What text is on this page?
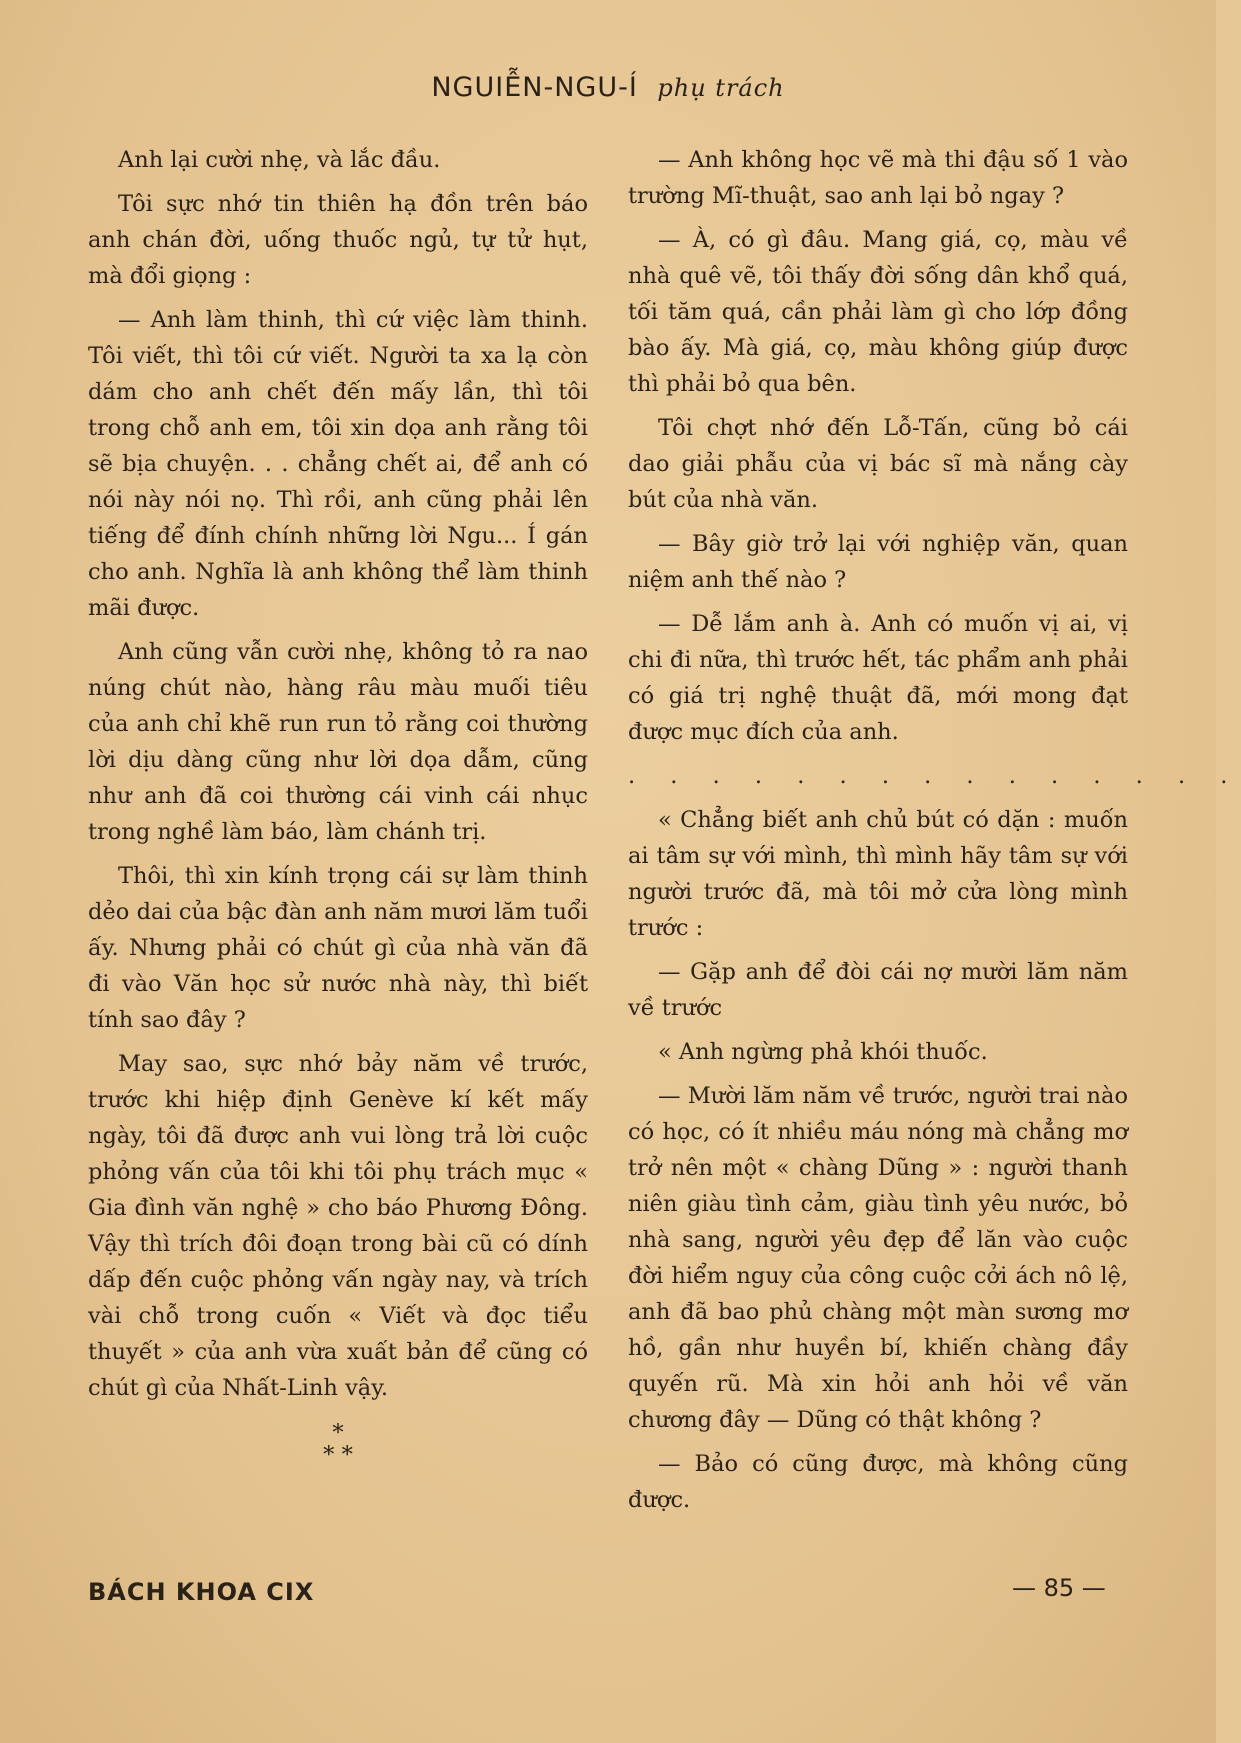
NGUIỄN-NGU-Í phụ trách

Anh lại cười nhẹ, và lắc đầu.

Tôi sực nhớ tin thiên hạ đồn trên báo anh chán đời, uống thuốc ngủ, tự tử hụt, mà đổi giọng :

— Anh làm thinh, thì cứ việc làm thinh. Tôi viết, thì tôi cứ viết. Người ta xa lạ còn dám cho anh chết đến mấy lần, thì tôi trong chỗ anh em, tôi xin dọa anh rằng tôi sẽ bịa chuyện. . . chẳng chết ai, để anh có nói này nói nọ. Thì rồi, anh cũng phải lên tiếng để đính chính những lời Ngu... Í gán cho anh. Nghĩa là anh không thể làm thinh mãi được.

Anh cũng vẫn cười nhẹ, không tỏ ra nao núng chút nào, hàng râu màu muối tiêu của anh chỉ khẽ run run tỏ rằng coi thường lời dịu dàng cũng như lời dọa dẫm, cũng như anh đã coi thường cái vinh cái nhục trong nghề làm báo, làm chánh trị.

Thôi, thì xin kính trọng cái sự làm thinh dẻo dai của bậc đàn anh năm mươi lăm tuổi ấy. Nhưng phải có chút gì của nhà văn đã đi vào Văn học sử nước nhà này, thì biết tính sao đây ?

May sao, sực nhớ bảy năm về trước, trước khi hiệp định Genève kí kết mấy ngày, tôi đã được anh vui lòng trả lời cuộc phỏng vấn của tôi khi tôi phụ trách mục « Gia đình văn nghệ » cho báo Phương Đông. Vậy thì trích đôi đoạn trong bài cũ có dính dấp đến cuộc phỏng vấn ngày nay, và trích vài chỗ trong cuốn « Viết và đọc tiểu thuyết » của anh vừa xuất bản để cũng có chút gì của Nhất-Linh vậy.

*
* *

— Anh không học vẽ mà thi đậu số 1 vào trường Mĩ-thuật, sao anh lại bỏ ngay ?

— À, có gì đâu. Mang giá, cọ, màu về nhà quê vẽ, tôi thấy đời sống dân khổ quá, tối tăm quá, cần phải làm gì cho lớp đồng bào ấy. Mà giá, cọ, màu không giúp được thì phải bỏ qua bên.

Tôi chợt nhớ đến Lỗ-Tấn, cũng bỏ cái dao giải phẫu của vị bác sĩ mà nắng cày bút của nhà văn.

— Bây giờ trở lại với nghiệp văn, quan niệm anh thế nào ?

— Dễ lắm anh à. Anh có muốn vị ai, vị chi đi nữa, thì trước hết, tác phẩm anh phải có giá trị nghệ thuật đã, mới mong đạt được mục đích của anh.

. . . . . . . . . . . . . . .

« Chẳng biết anh chủ bút có dặn : muốn ai tâm sự với mình, thì mình hãy tâm sự với người trước đã, mà tôi mở cửa lòng mình trước :

— Gặp anh để đòi cái nợ mười lăm năm về trước

« Anh ngừng phả khói thuốc.

— Mười lăm năm về trước, người trai nào có học, có ít nhiều máu nóng mà chẳng mơ trở nên một « chàng Dũng » : người thanh niên giàu tình cảm, giàu tình yêu nước, bỏ nhà sang, người yêu đẹp để lăn vào cuộc đời hiểm nguy của công cuộc cởi ách nô lệ, anh đã bao phủ chàng một màn sương mơ hồ, gần như huyền bí, khiến chàng đầy quyến rũ. Mà xin hỏi anh hỏi về văn chương đây — Dũng có thật không ?

— Bảo có cũng được, mà không cũng được.

BÁCH KHOA CIX	— 85 —
